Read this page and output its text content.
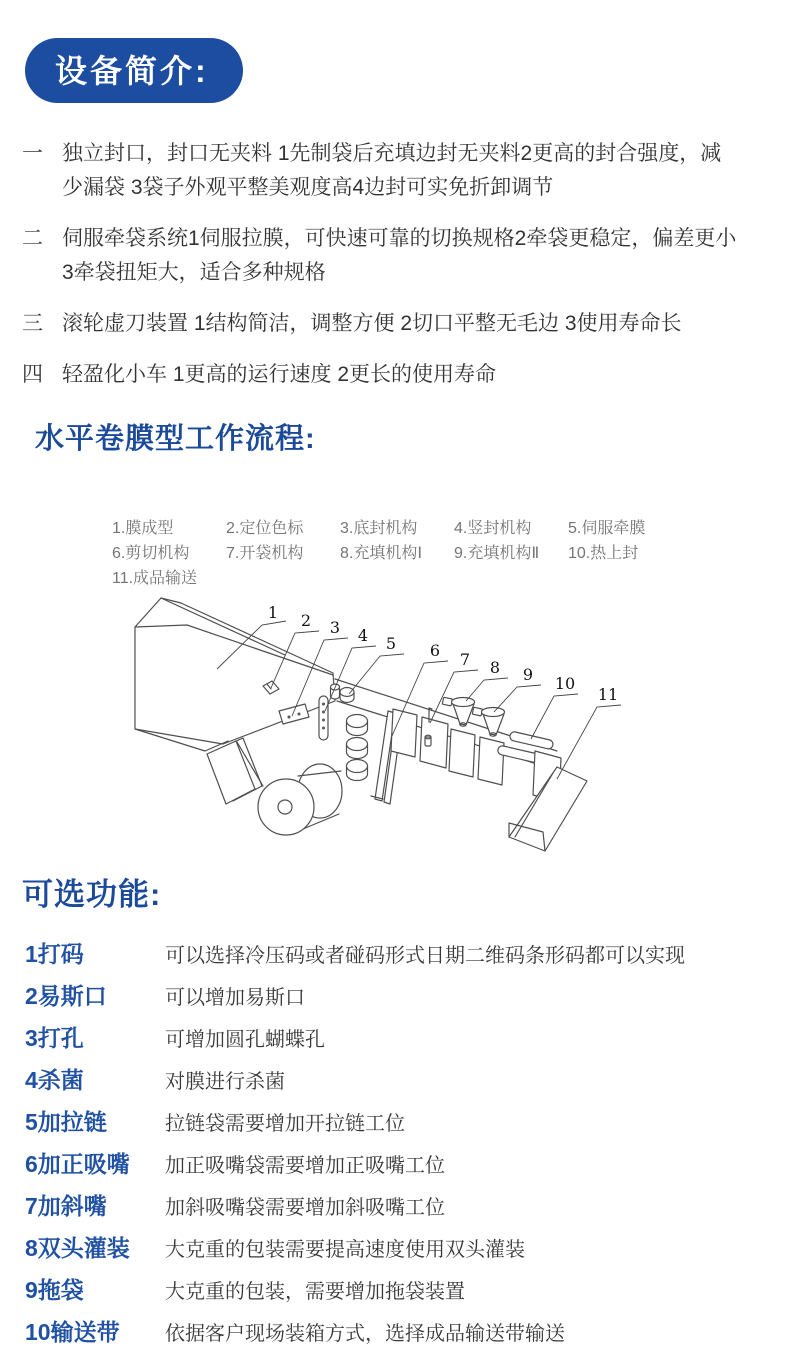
设备简介:
一 独立封口，封口无夹料 1先制袋后充填边封无夹料2更高的封合强度，减少漏袋 3袋子外观平整美观度高4边封可实免折卸调节
二 伺服牵袋系统1伺服拉膜，可快速可靠的切换规格2牵袋更稳定，偏差更小3牵袋扭矩大，适合多种规格
三 滚轮虚刀装置 1结构简洁，调整方便 2切口平整无毛边 3使用寿命长
四 轻盈化小车 1更高的运行速度 2更长的使用寿命
水平卷膜型工作流程:
1.膜成型	2.定位色标	3.底封机构	4.竖封机构	5.伺服牵膜
6.剪切机构	7.开袋机构	8.充填机构Ⅰ	9.充填机构Ⅱ	10.热上封
11.成品输送
1 2 3 4 5 6 7 8 9 10
11
可选功能:
1打码	可以选择冷压码或者碰码形式日期二维码条形码都可以实现
2易斯口	可以增加易斯口
3打孔	可增加圆孔蝴蝶孔
4杀菌	对膜进行杀菌
5加拉链	拉链袋需要增加开拉链工位
6加正吸嘴	加正吸嘴袋需要增加正吸嘴工位
7加斜嘴	加斜吸嘴袋需要增加斜吸嘴工位
8双头灌装	大克重的包装需要提高速度使用双头灌装
9拖袋	大克重的包装，需要增加拖袋装置
10输送带	依据客户现场装箱方式，选择成品输送带输送
